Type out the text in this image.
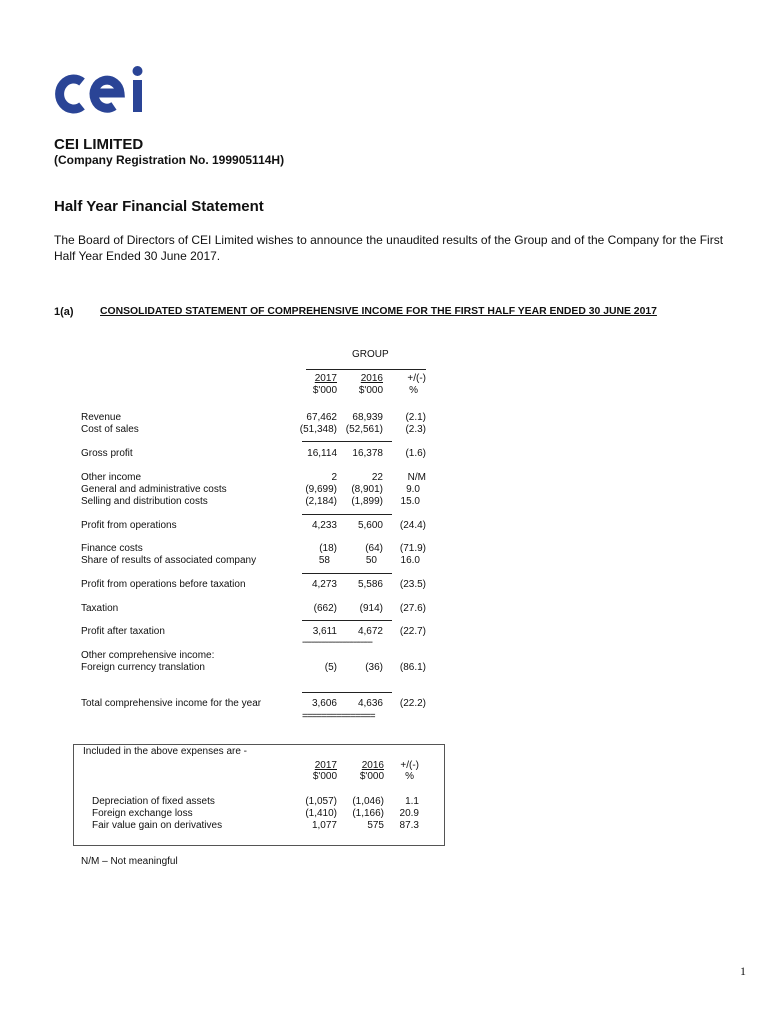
CEI LIMITED
(Company Registration No. 199905114H)
Half Year Financial Statement
The Board of Directors of CEI Limited wishes to announce the unaudited results of the Group and of the Company for the First Half Year Ended 30 June 2017.
1(a)	CONSOLIDATED STATEMENT OF COMPREHENSIVE INCOME FOR THE FIRST HALF YEAR ENDED 30 JUNE 2017
GROUP
2017 2016 +/(-)
$'000 $'000	%
Revenue	67,462 68,939 (2.1)
Cost of sales	(51,348) (52,561) (2.3)
Gross profit	16,114 16,378 (1.6)
Other income	2	22 N/M
General and administrative costs	(9,699) (8,901) 9.0
Selling and distribution costs	(2,184) (1,899) 15.0
Profit from operations	4,233 5,600 (24.4)
Finance costs	(18)	(64) (71.9)
Share of results of associated company	58	50 16.0
Profit from operations before taxation	4,273 5,586 (23.5)
Taxation	(662) (914) (27.6)
Profit after taxation	3,611 4,672 (22.7)
------------------------------
Other comprehensive income:
Foreign currency translation	(5)	(36) (86.1)
Total comprehensive income for the year	3,606 4,636 (22.2)
===============
Included in the above expenses are -
2017 2016 +/(-)
$'000 $'000 %
Depreciation of fixed assets	(1,057) (1,046) 1.1
Foreign exchange loss	(1,410) (1,166) 20.9
Fair value gain on derivatives	1,077	575 87.3
N/M – Not meaningful
1
